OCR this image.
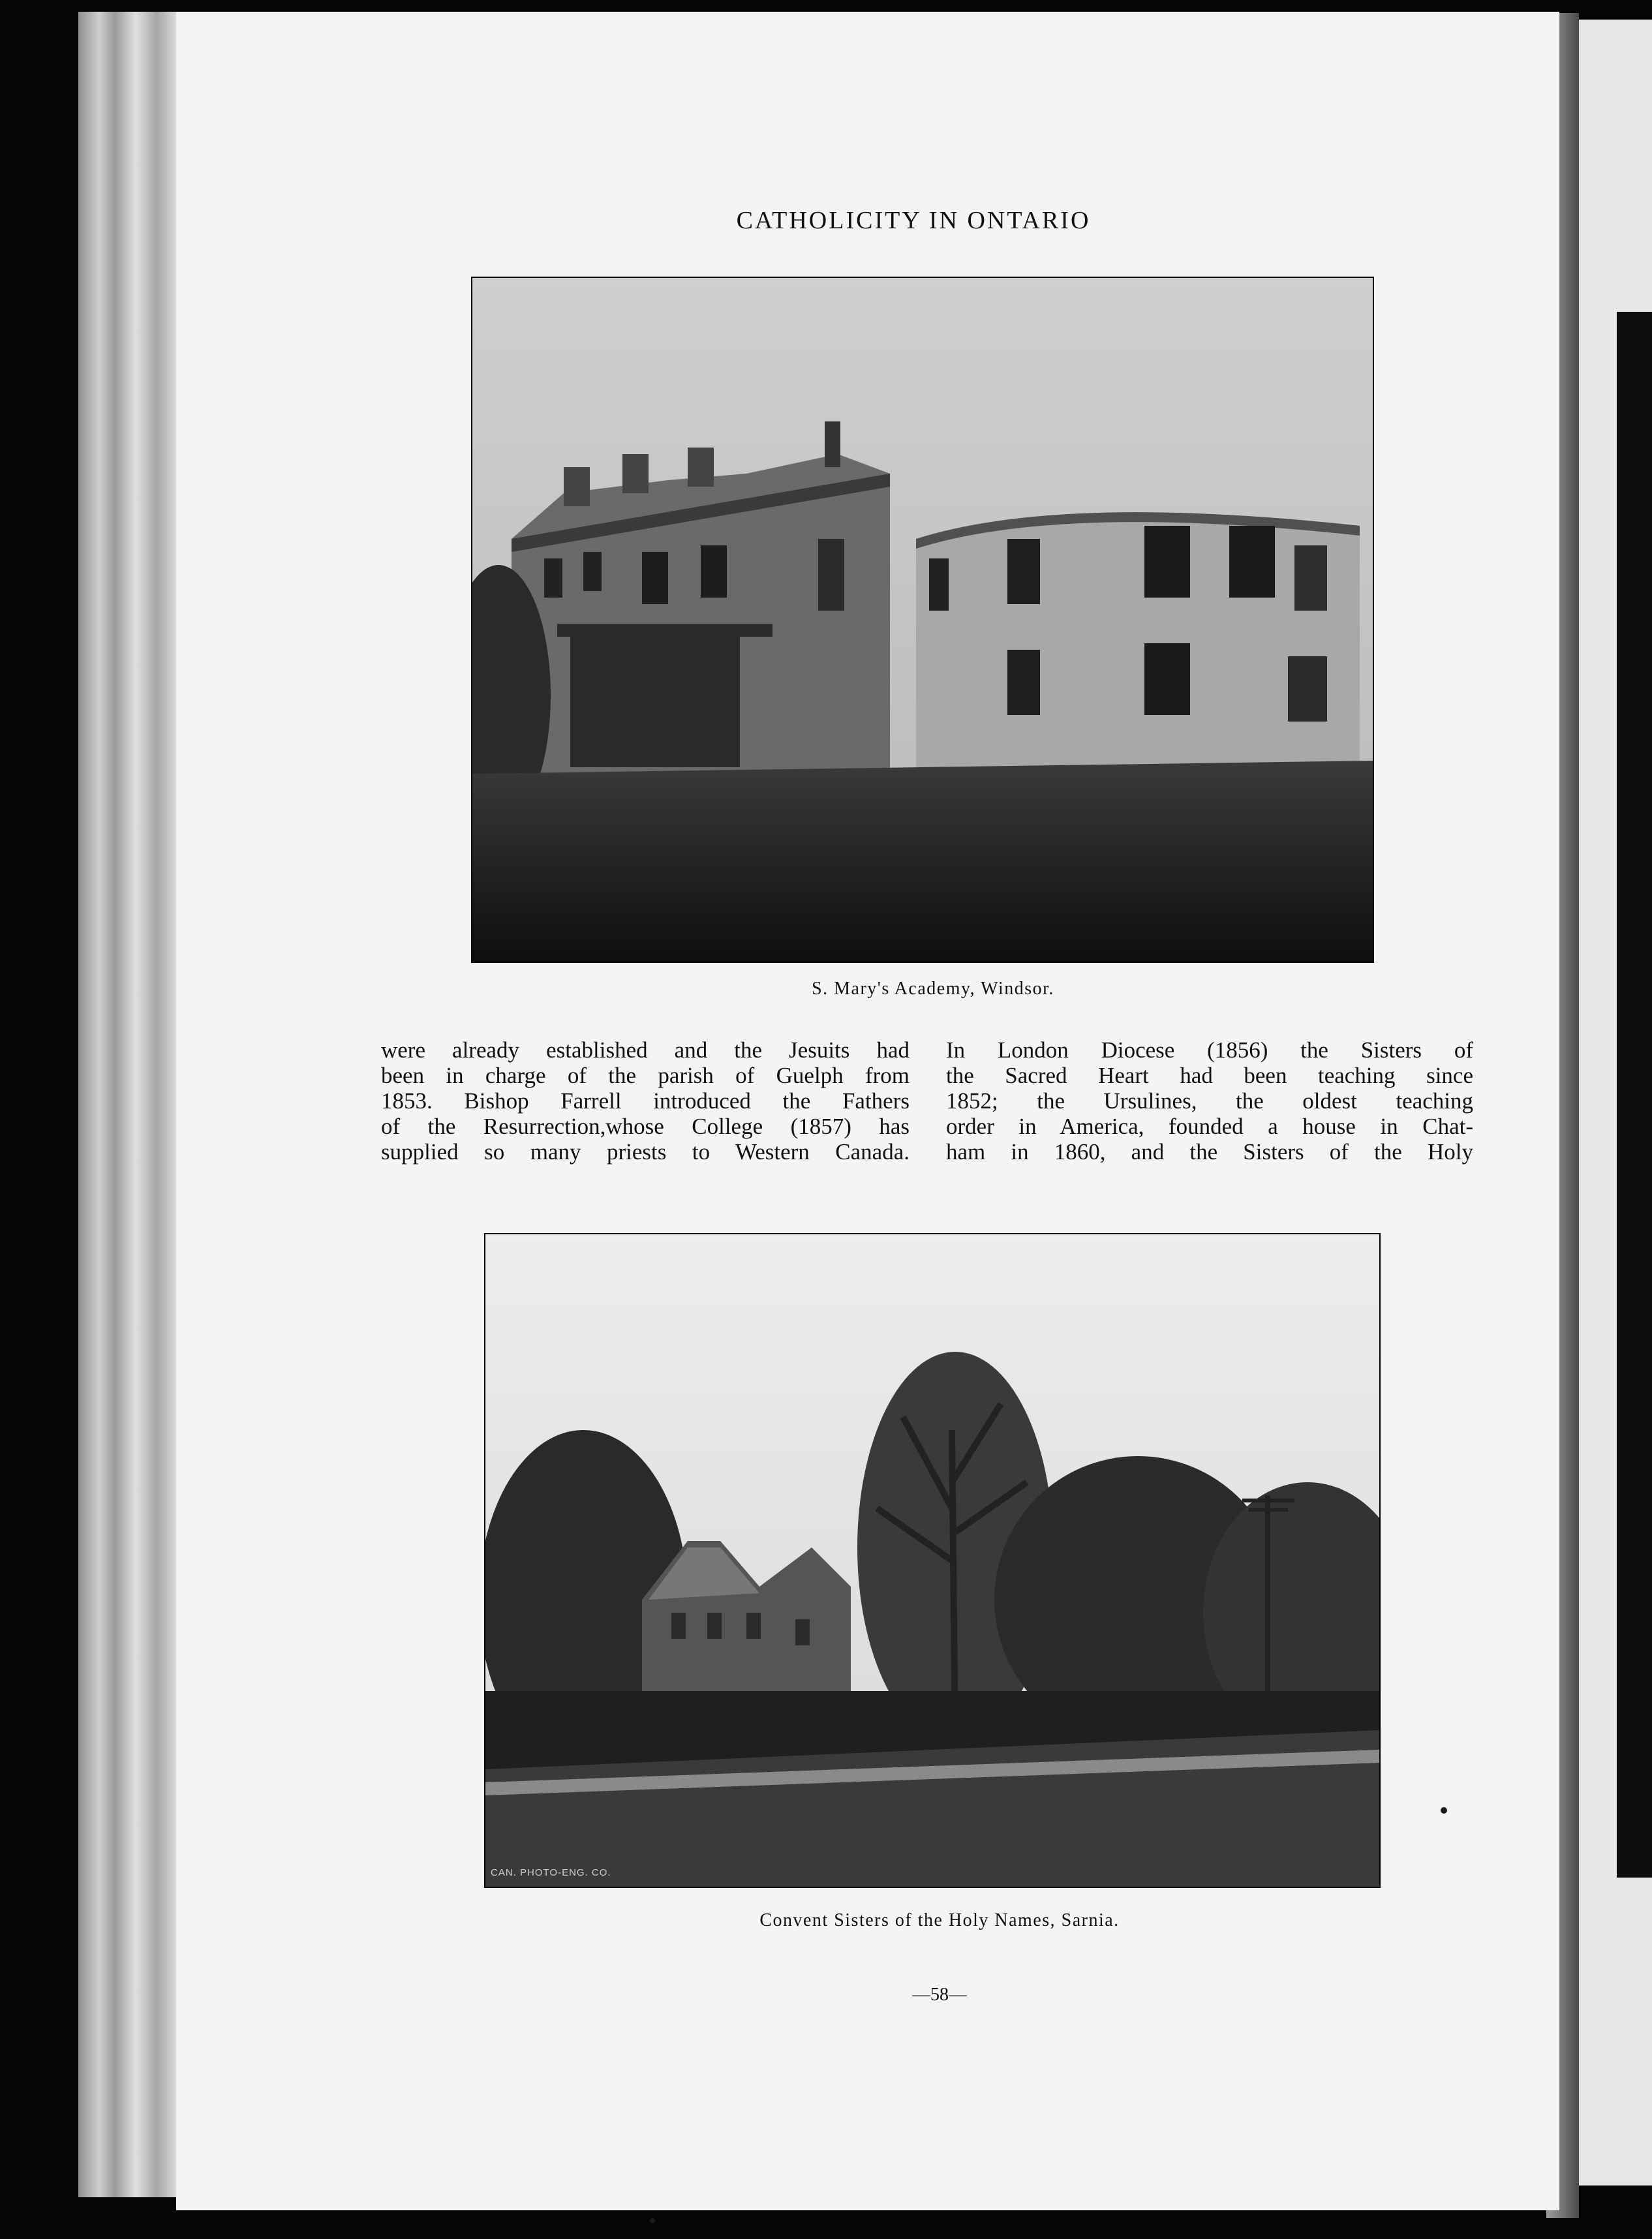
CATHOLICITY IN ONTARIO
S. Mary's Academy, Windsor.
were already established and the Jesuits had
been in charge of the parish of Guelph from
1853. Bishop Farrell introduced the Fathers
of the Resurrection,whose College (1857) has
supplied so many priests to Western Canada.
In London Diocese (1856) the Sisters of
the Sacred Heart had been teaching since
1852; the Ursulines, the oldest teaching
order in America, founded a house in Chat-
ham in 1860, and the Sisters of the Holy
CAN. PHOTO-ENG. CO.
Convent Sisters of the Holy Names, Sarnia.
—58—
